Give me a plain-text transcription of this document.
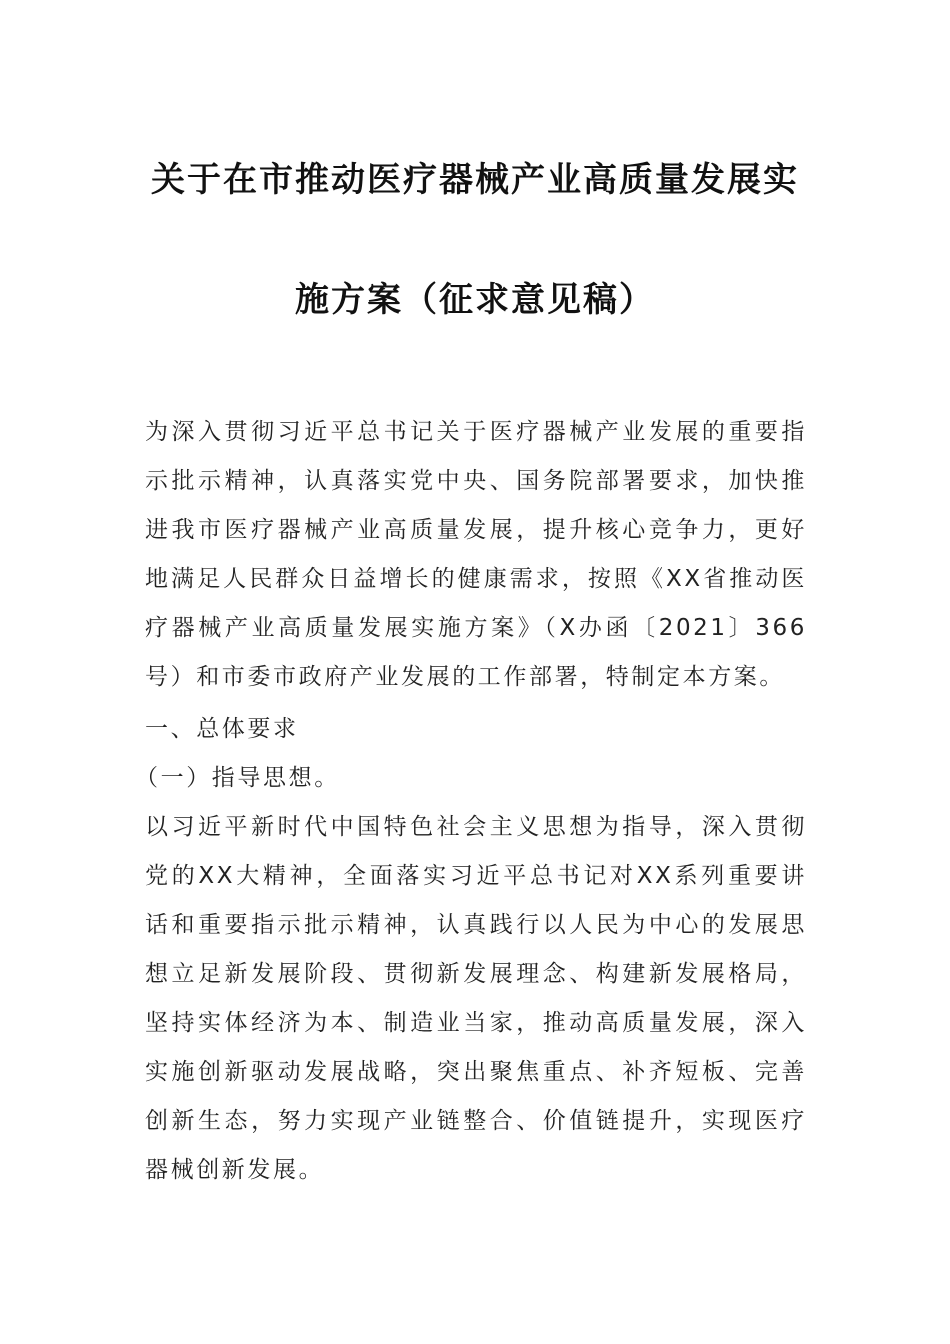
关于在市推动医疗器械产业高质量发展实
施方案（征求意见稿）

为深入贯彻习近平总书记关于医疗器械产业发展的重要指示批示精神，认真落实党中央、国务院部署要求，加快推进我市医疗器械产业高质量发展，提升核心竞争力，更好地满足人民群众日益增长的健康需求，按照《XX省推动医疗器械产业高质量发展实施方案》（X办函〔2021〕366号）和市委市政府产业发展的工作部署，特制定本方案。

一、总体要求

（一）指导思想。

以习近平新时代中国特色社会主义思想为指导，深入贯彻党的XX大精神，全面落实习近平总书记对XX系列重要讲话和重要指示批示精神，认真践行以人民为中心的发展思想立足新发展阶段、贯彻新发展理念、构建新发展格局，坚持实体经济为本、制造业当家，推动高质量发展，深入实施创新驱动发展战略，突出聚焦重点、补齐短板、完善创新生态，努力实现产业链整合、价值链提升，实现医疗器械创新发展。
